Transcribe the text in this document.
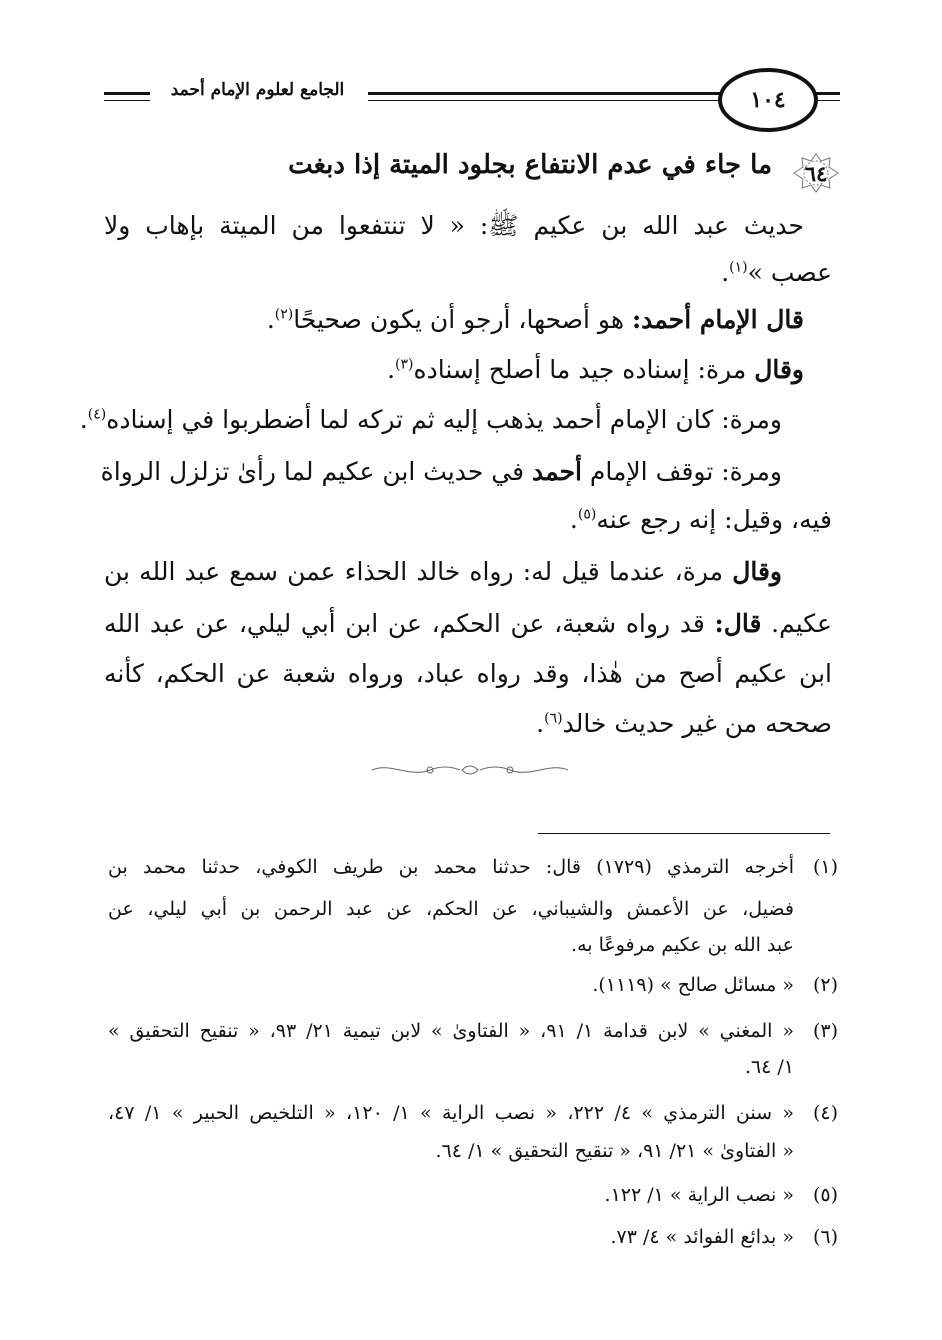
الجامع لعلوم الإمام أحمد	١٠٤
٦٤
ما جاء في عدم الانتفاع بجلود الميتة إذا دبغت
حديث عبد الله بن عكيم ﷺ: « لا تنتفعوا من الميتة بإهاب ولا
عصب »$^{(١)}$.
قال الإمام أحمد: هو أصحها، أرجو أن يكون صحيحًا$^{(٢)}$.
وقال مرة: إسناده جيد ما أصلح إسناده$^{(٣)}$.
ومرة: كان الإمام أحمد يذهب إليه ثم تركه لما أضطربوا في إسناده$^{(٤)}$.
ومرة: توقف الإمام أحمد في حديث ابن عكيم لما رأىٰ تزلزل الرواة
فيه، وقيل: إنه رجع عنه$^{(٥)}$.
وقال مرة، عندما قيل له: رواه خالد الحذاء عمن سمع عبد الله بن
عكيم. قال: قد رواه شعبة، عن الحكم، عن ابن أبي ليلي، عن عبد الله
ابن عكيم أصح من هٰذا، وقد رواه عباد، ورواه شعبة عن الحكم، كأنه
صححه من غير حديث خالد$^{(٦)}$.
(١)
أخرجه الترمذي (١٧٢٩) قال: حدثنا محمد بن طريف الكوفي، حدثنا محمد بن
فضيل، عن الأعمش والشيباني، عن الحكم، عن عبد الرحمن بن أبي ليلي، عن
عبد الله بن عكيم مرفوعًا به.
(٢)
« مسائل صالح » (١١١٩).
(٣)
« المغني » لابن قدامة ١/ ٩١، « الفتاوىٰ » لابن تيمية ٢١/ ٩٣، « تنقيح التحقيق »
١/ ٦٤.
(٤)
« سنن الترمذي » ٤/ ٢٢٢، « نصب الراية » ١/ ١٢٠، « التلخيص الحبير » ١/ ٤٧،
« الفتاوىٰ » ٢١/ ٩١، « تنقيح التحقيق » ١/ ٦٤.
(٥)
« نصب الراية » ١/ ١٢٢.
(٦)
« بدائع الفوائد » ٤/ ٧٣.
